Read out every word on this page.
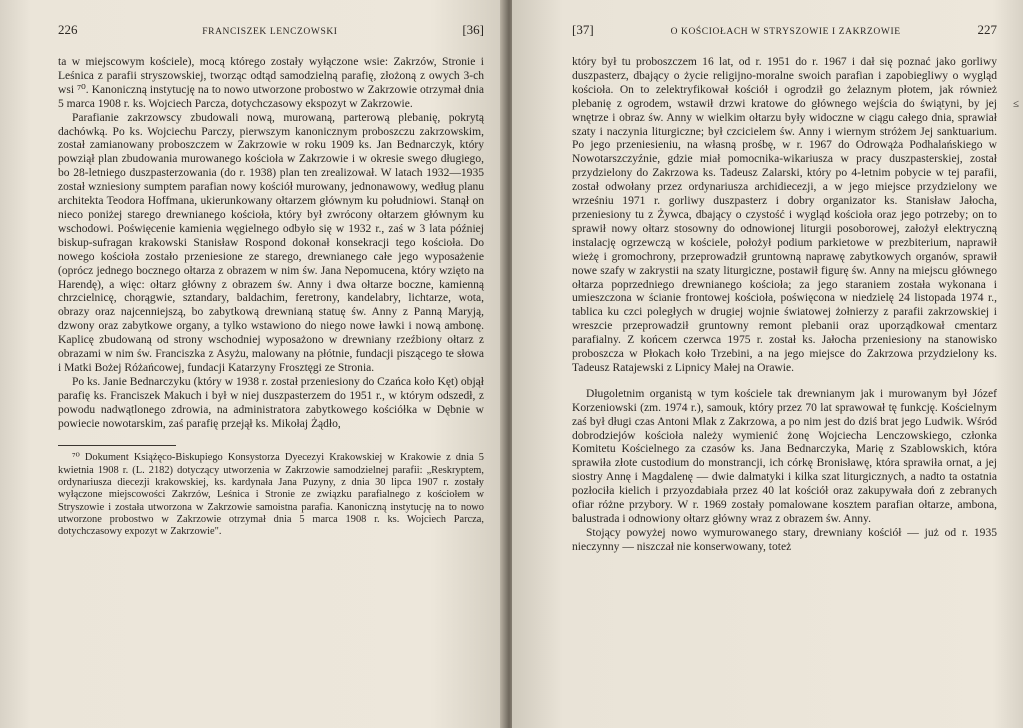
226	FRANCISZEK LENCZOWSKI	[36]

ta w miejscowym kościele), mocą którego zostały wyłączone wsie: Zakrzów, Stronie i Leśnica z parafii stryszowskiej, tworząc odtąd samodzielną parafię, złożoną z owych 3-ch wsi ⁷⁰. Kanoniczną instytucję na to nowo utworzone probostwo w Zakrzowie otrzymał dnia 5 marca 1908 r. ks. Wojciech Parcza, dotychczasowy ekspozyt w Zakrzowie.

Parafianie zakrzowscy zbudowali nową, murowaną, parterową plebanię, pokrytą dachówką. Po ks. Wojciechu Parczy, pierwszym kanonicznym proboszczu zakrzowskim, został zamianowany proboszczem w Zakrzowie w roku 1909 ks. Jan Bednarczyk, który powziął plan zbudowania murowanego kościoła w Zakrzowie i w okresie swego długiego, bo 28-letniego duszpasterzowania (do r. 1938) plan ten zrealizował. W latach 1932—1935 został wzniesiony sumptem parafian nowy kościół murowany, jednonawowy, według planu architekta Teodora Hoffmana, ukierunkowany ołtarzem głównym ku południowi. Stanął on nieco poniżej starego drewnianego kościoła, który był zwrócony ołtarzem głównym ku wschodowi. Poświęcenie kamienia węgielnego odbyło się w 1932 r., zaś w 3 lata później biskup-sufragan krakowski Stanisław Rospond dokonał konsekracji tego kościoła. Do nowego kościoła zostało przeniesione ze starego, drewnianego całe jego wyposażenie (oprócz jednego bocznego ołtarza z obrazem w nim św. Jana Nepomucena, który wzięto na Harendę), a więc: ołtarz główny z obrazem św. Anny i dwa ołtarze boczne, kamienną chrzcielnicę, chorągwie, sztandary, baldachim, feretrony, kandelabry, lichtarze, wota, obrazy oraz najcenniejszą, bo zabytkową drewnianą statuę św. Anny z Panną Maryją, dzwony oraz zabytkowe organy, a tylko wstawiono do niego nowe ławki i nową ambonę. Kaplicę zbudowaną od strony wschodniej wyposażono w drewniany rzeźbiony ołtarz z obrazami w nim św. Franciszka z Asyżu, malowany na płótnie, fundacji piszącego te słowa i Matki Bożej Różańcowej, fundacji Katarzyny Frosztęgi ze Stronia.

Po ks. Janie Bednarczyku (który w 1938 r. został przeniesiony do Czańca koło Kęt) objął parafię ks. Franciszek Makuch i był w niej duszpasterzem do 1951 r., w którym odszedł, z powodu nadwątlonego zdrowia, na administratora zabytkowego kościółka w Dębnie w powiecie nowotarskim, zaś parafię przejął ks. Mikołaj Żądło,

⁷⁰ Dokument Książęco-Biskupiego Konsystorza Dyecezyi Krakowskiej w Krakowie z dnia 5 kwietnia 1908 r. (L. 2182) dotyczący utworzenia w Zakrzowie samodzielnej parafii: „Reskryptem, ordynariusza diecezji krakowskiej, ks. kardynała Jana Puzyny, z dnia 30 lipca 1907 r. zostały wyłączone miejscowości Zakrzów, Leśnica i Stronie ze związku parafialnego z kościołem w Stryszowie i została utworzona w Zakrzowie samoistna parafia. Kanoniczną instytucję na to nowo utworzone probostwo w Zakrzowie otrzymał dnia 5 marca 1908 r. ks. Wojciech Parcza, dotychczasowy expozyt w Zakrzowie".

[37]	O KOŚCIOŁACH W STRYSZOWIE I ZAKRZOWIE	227
≤

który był tu proboszczem 16 lat, od r. 1951 do r. 1967 i dał się poznać jako gorliwy duszpasterz, dbający o życie religijno-moralne swoich parafian i zapobiegliwy o wygląd kościoła. On to zelektryfikował kościół i ogrodził go żelaznym płotem, jak również plebanię z ogrodem, wstawił drzwi kratowe do głównego wejścia do świątyni, by jej wnętrze i obraz św. Anny w wielkim ołtarzu były widoczne w ciągu całego dnia, sprawiał szaty i naczynia liturgiczne; był czcicielem św. Anny i wiernym stróżem Jej sanktuarium. Po jego przeniesieniu, na własną prośbę, w r. 1967 do Odrowąża Podhalańskiego w Nowotarszczyźnie, gdzie miał pomocnika-wikariusza w pracy duszpasterskiej, został przydzielony do Zakrzowa ks. Tadeusz Zalarski, który po 4-letnim pobycie w tej parafii, został odwołany przez ordynariusza archidiecezji, a w jego miejsce przydzielony we wrześniu 1971 r. gorliwy duszpasterz i dobry organizator ks. Stanisław Jałocha, przeniesiony tu z Żywca, dbający o czystość i wygląd kościoła oraz jego potrzeby; on to sprawił nowy ołtarz stosowny do odnowionej liturgii posoborowej, założył elektryczną instalację ogrzewczą w kościele, położył podium parkietowe w prezbiterium, naprawił wieżę i gromochrony, przeprowadził gruntowną naprawę zabytkowych organów, sprawił nowe szafy w zakrystii na szaty liturgiczne, postawił figurę św. Anny na miejscu głównego ołtarza poprzedniego drewnianego kościoła; za jego staraniem została wykonana i umieszczona w ścianie frontowej kościoła, poświęcona w niedzielę 24 listopada 1974 r., tablica ku czci poległych w drugiej wojnie światowej żołnierzy z parafii zakrzowskiej i wreszcie przeprowadził gruntowny remont plebanii oraz uporządkował cmentarz parafialny. Z końcem czerwca 1975 r. został ks. Jałocha przeniesiony na stanowisko proboszcza w Płokach koło Trzebini, a na jego miejsce do Zakrzowa przydzielony ks. Tadeusz Ratajewski z Lipnicy Małej na Orawie.

Długoletnim organistą w tym kościele tak drewnianym jak i murowanym był Józef Korzeniowski (zm. 1974 r.), samouk, który przez 70 lat sprawował tę funkcję. Kościelnym zaś był długi czas Antoni Mlak z Zakrzowa, a po nim jest do dziś brat jego Ludwik. Wśród dobrodziejów kościoła należy wymienić żonę Wojciecha Lenczowskiego, członka Komitetu Kościelnego za czasów ks. Jana Bednarczyka, Marię z Szablowskich, która sprawiła złote custodium do monstrancji, ich córkę Bronisławę, która sprawiła ornat, a jej siostry Annę i Magdalenę — dwie dalmatyki i kilka szat liturgicznych, a nadto ta ostatnia pozłociła kielich i przyozdabiała przez 40 lat kościół oraz zakupywała doń z zebranych ofiar różne przybory. W r. 1969 zostały pomalowane kosztem parafian ołtarze, ambona, balustrada i odnowiony ołtarz główny wraz z obrazem św. Anny.

Stojący powyżej nowo wymurowanego stary, drewniany kościół — już od r. 1935 nieczynny — niszczał nie konserwowany, toteż
